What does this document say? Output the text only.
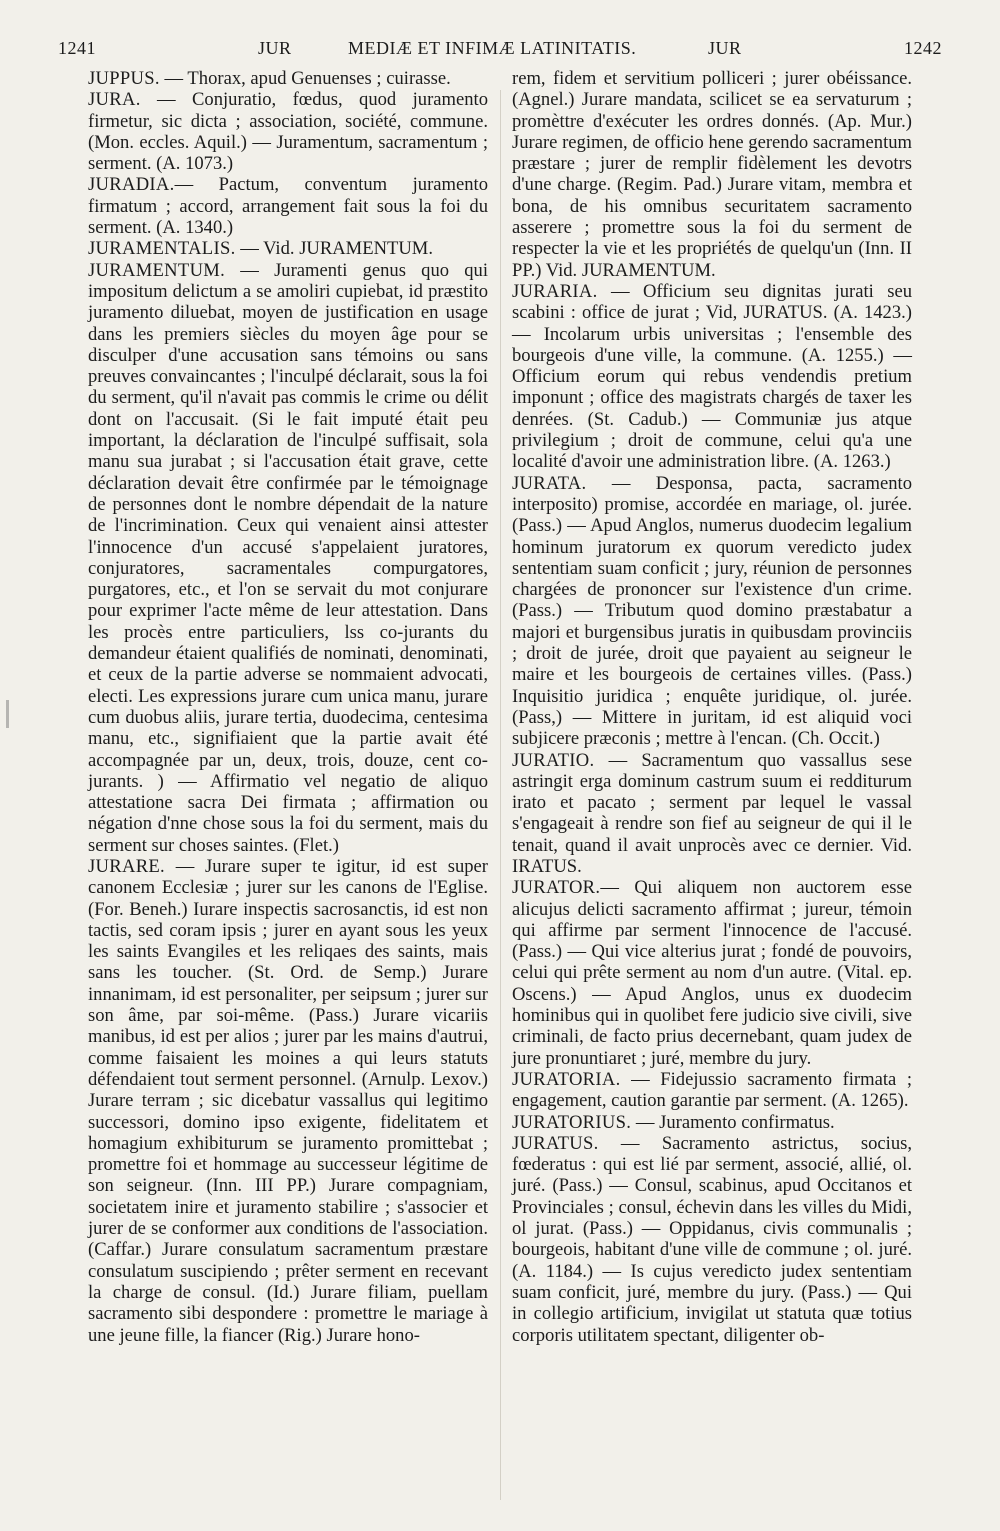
1241	JUR	MEDIÆ ET INFIMÆ LATINITATIS.	JUR	1242

JUPPUS. — Thorax, apud Genuenses ; cuirasse.

JURA. — Conjuratio, fœdus, quod juramento firmetur, sic dicta ; association, société, commune. (Mon. eccles. Aquil.) — Juramentum, sacramentum ; serment. (A. 1073.)

JURADIA.— Pactum, conventum juramento firmatum ; accord, arrangement fait sous la foi du serment. (A. 1340.)

JURAMENTALIS. — Vid. JURAMENTUM.

JURAMENTUM. — Juramenti genus quo qui impositum delictum a se amoliri cupiebat, id præstito juramento diluebat, moyen de justification en usage dans les premiers siècles du moyen âge pour se disculper d'une accusation sans témoins ou sans preuves convaincantes ; l'inculpé déclarait, sous la foi du serment, qu'il n'avait pas commis le crime ou délit dont on l'accusait. (Si le fait imputé était peu important, la déclaration de l'inculpé suffisait, sola manu sua jurabat ; si l'accusation était grave, cette déclaration devait être confirmée par le témoignage de personnes dont le nombre dépendait de la nature de l'incrimination. Ceux qui venaient ainsi attester l'innocence d'un accusé s'appelaient juratores, conjuratores, sacramentales compurgatores, purgatores, etc., et l'on se servait du mot conjurare pour exprimer l'acte même de leur attestation. Dans les procès entre particuliers, lss co-jurants du demandeur étaient qualifiés de nominati, denominati, et ceux de la partie adverse se nommaient advocati, electi. Les expressions jurare cum unica manu, jurare cum duobus aliis, jurare tertia, duodecima, centesima manu, etc., signifiaient que la partie avait été accompagnée par un, deux, trois, douze, cent co-jurants. ) — Affirmatio vel negatio de aliquo attestatione sacra Dei firmata ; affirmation ou négation d'nne chose sous la foi du serment, mais du serment sur choses saintes. (Flet.)

JURARE. — Jurare super te igitur, id est super canonem Ecclesiæ ; jurer sur les canons de l'Eglise. (For. Beneh.) Iurare inspectis sacrosanctis, id est non tactis, sed coram ipsis ; jurer en ayant sous les yeux les saints Evangiles et les reliqaes des saints, mais sans les toucher. (St. Ord. de Semp.) Jurare innanimam, id est personaliter, per seipsum ; jurer sur son âme, par soi-même. (Pass.) Jurare vicariis manibus, id est per alios ; jurer par les mains d'autrui, comme faisaient les moines a qui leurs statuts défendaient tout serment personnel. (Arnulp. Lexov.) Jurare terram ; sic dicebatur vassallus qui legitimo successori, domino ipso exigente, fidelitatem et homagium exhibiturum se juramento promittebat ; promettre foi et hommage au successeur légitime de son seigneur. (Inn. III PP.) Jurare compagniam, societatem inire et juramento stabilire ; s'associer et jurer de se conformer aux conditions de l'association. (Caffar.) Jurare consulatum sacramentum præstare consulatum suscipiendo ; prêter serment en recevant la charge de consul. (Id.) Jurare filiam, puellam sacramento sibi despondere : promettre le mariage à une jeune fille, la fiancer (Rig.) Jurare hono-

rem, fidem et servitium polliceri ; jurer obéissance. (Agnel.) Jurare mandata, scilicet se ea servaturum ; promèttre d'exécuter les ordres donnés. (Ap. Mur.) Jurare regimen, de officio hene gerendo sacramentum præstare ; jurer de remplir fidèlement les devotrs d'une charge. (Regim. Pad.) Jurare vitam, membra et bona, de his omnibus securitatem sacramento asserere ; promettre sous la foi du serment de respecter la vie et les propriétés de quelqu'un (Inn. II PP.) Vid. JURAMENTUM.

JURARIA. — Officium seu dignitas jurati seu scabini : office de jurat ; Vid, JURATUS. (A. 1423.) — Incolarum urbis universitas ; l'ensemble des bourgeois d'une ville, la commune. (A. 1255.) — Officium eorum qui rebus vendendis pretium imponunt ; office des magistrats chargés de taxer les denrées. (St. Cadub.) — Communiæ jus atque privilegium ; droit de commune, celui qu'a une localité d'avoir une administration libre. (A. 1263.)

JURATA. — Desponsa, pacta, sacramento interposito) promise, accordée en mariage, ol. jurée. (Pass.) — Apud Anglos, numerus duodecim legalium hominum juratorum ex quorum veredicto judex sententiam suam conficit ; jury, réunion de personnes chargées de prononcer sur l'existence d'un crime. (Pass.) — Tributum quod domino præstabatur a majori et burgensibus juratis in quibusdam provinciis ; droit de jurée, droit que payaient au seigneur le maire et les bourgeois de certaines villes. (Pass.) Inquisitio juridica ; enquête juridique, ol. jurée. (Pass,) — Mittere in juritam, id est aliquid voci subjicere præconis ; mettre à l'encan. (Ch. Occit.)

JURATIO. — Sacramentum quo vassallus sese astringit erga dominum castrum suum ei redditurum irato et pacato ; serment par lequel le vassal s'engageait à rendre son fief au seigneur de qui il le tenait, quand il avait unprocès avec ce dernier. Vid. IRATUS.

JURATOR.— Qui aliquem non auctorem esse alicujus delicti sacramento affirmat ; jureur, témoin qui affirme par serment l'innocence de l'accusé. (Pass.) — Qui vice alterius jurat ; fondé de pouvoirs, celui qui prête serment au nom d'un autre. (Vital. ep. Oscens.) — Apud Anglos, unus ex duodecim hominibus qui in quolibet fere judicio sive civili, sive criminali, de facto prius decernebant, quam judex de jure pronuntiaret ; juré, membre du jury.

JURATORIA. — Fidejussio sacramento firmata ; engagement, caution garantie par serment. (A. 1265).

JURATORIUS. — Juramento confirmatus.

JURATUS. — Sacramento astrictus, socius, fœderatus : qui est lié par serment, associé, allié, ol. juré. (Pass.) — Consul, scabinus, apud Occitanos et Provinciales ; consul, échevin dans les villes du Midi, ol jurat. (Pass.) — Oppidanus, civis communalis ; bourgeois, habitant d'une ville de commune ; ol. juré. (A. 1184.) — Is cujus veredicto judex sententiam suam conficit, juré, membre du jury. (Pass.) — Qui in collegio artificium, invigilat ut statuta quæ totius corporis utilitatem spectant, diligenter ob-
